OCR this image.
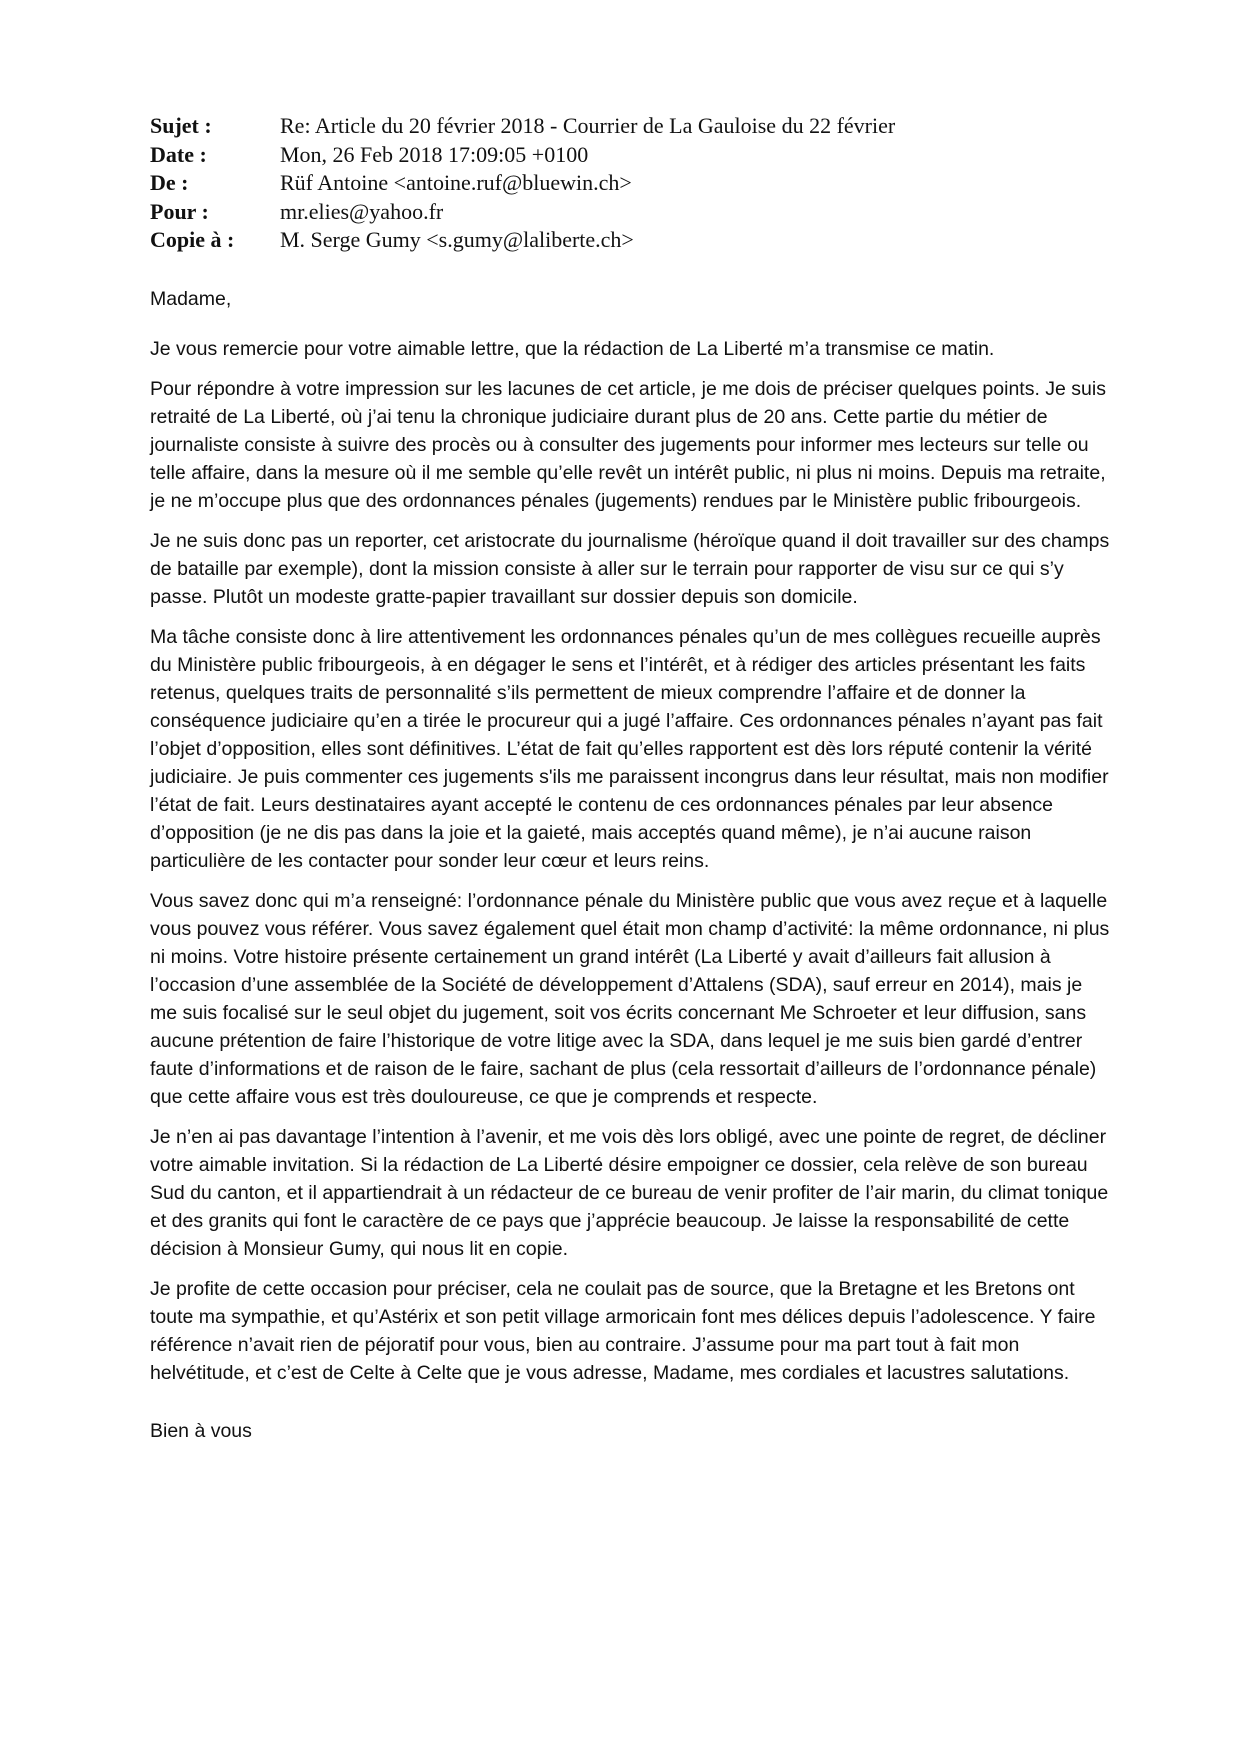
Sujet :	Re: Article du 20 février 2018 - Courrier de La Gauloise du 22 février
Date :	Mon, 26 Feb 2018 17:09:05 +0100
De :	Rüf Antoine <antoine.ruf@bluewin.ch>
Pour :	mr.elies@yahoo.fr
Copie à :	M. Serge Gumy <s.gumy@laliberte.ch>

Madame,

Je vous remercie pour votre aimable lettre, que la rédaction de La Liberté m’a transmise ce matin.

Pour répondre à votre impression sur les lacunes de cet article, je me dois de préciser quelques points. Je suis retraité de La Liberté, où j’ai tenu la chronique judiciaire durant plus de 20 ans. Cette partie du métier de journaliste consiste à suivre des procès ou à consulter des jugements pour informer mes lecteurs sur telle ou telle affaire, dans la mesure où il me semble qu’elle revêt un intérêt public, ni plus ni moins. Depuis ma retraite, je ne m’occupe plus que des ordonnances pénales (jugements) rendues par le Ministère public fribourgeois.

Je ne suis donc pas un reporter, cet aristocrate du journalisme (héroïque quand il doit travailler sur des champs de bataille par exemple), dont la mission consiste à aller sur le terrain pour rapporter de visu sur ce qui s’y passe. Plutôt un modeste gratte-papier travaillant sur dossier depuis son domicile.

Ma tâche consiste donc à lire attentivement les ordonnances pénales qu’un de mes collègues recueille auprès du Ministère public fribourgeois, à en dégager le sens et l’intérêt, et à rédiger des articles présentant les faits retenus, quelques traits de personnalité s’ils permettent de mieux comprendre l’affaire et de donner la conséquence judiciaire qu’en a tirée le procureur qui a jugé l’affaire. Ces ordonnances pénales n’ayant pas fait l’objet d’opposition, elles sont définitives. L’état de fait qu’elles rapportent est dès lors réputé contenir la vérité judiciaire. Je puis commenter ces jugements s'ils me paraissent incongrus dans leur résultat, mais non modifier l’état de fait. Leurs destinataires ayant accepté le contenu de ces ordonnances pénales par leur absence d’opposition (je ne dis pas dans la joie et la gaieté, mais acceptés quand même), je n’ai aucune raison particulière de les contacter pour sonder leur cœur et leurs reins.

Vous savez donc qui m’a renseigné: l’ordonnance pénale du Ministère public que vous avez reçue et à laquelle vous pouvez vous référer. Vous savez également quel était mon champ d’activité: la même ordonnance, ni plus ni moins. Votre histoire présente certainement un grand intérêt (La Liberté y avait d’ailleurs fait allusion à l’occasion d’une assemblée de la Société de développement d’Attalens (SDA), sauf erreur en 2014), mais je me suis focalisé sur le seul objet du jugement, soit vos écrits concernant Me Schroeter et leur diffusion, sans aucune prétention de faire l’historique de votre litige avec la SDA, dans lequel je me suis bien gardé d’entrer faute d’informations et de raison de le faire, sachant de plus (cela ressortait d’ailleurs de l’ordonnance pénale) que cette affaire vous est très douloureuse, ce que je comprends et respecte.

Je n’en ai pas davantage l’intention à l’avenir, et me vois dès lors obligé, avec une pointe de regret, de décliner votre aimable invitation. Si la rédaction de La Liberté désire empoigner ce dossier, cela relève de son bureau Sud du canton, et il appartiendrait à un rédacteur de ce bureau de venir profiter de l’air marin, du climat tonique et des granits qui font le caractère de ce pays que j’apprécie beaucoup. Je laisse la responsabilité de cette décision à Monsieur Gumy, qui nous lit en copie.

Je profite de cette occasion pour préciser, cela ne coulait pas de source, que la Bretagne et les Bretons ont toute ma sympathie, et qu’Astérix et son petit village armoricain font mes délices depuis l’adolescence. Y faire référence n’avait rien de péjoratif pour vous, bien au contraire. J’assume pour ma part tout à fait mon helvétitude, et c’est de Celte à Celte que je vous adresse, Madame, mes cordiales et lacustres salutations.

Bien à vous
